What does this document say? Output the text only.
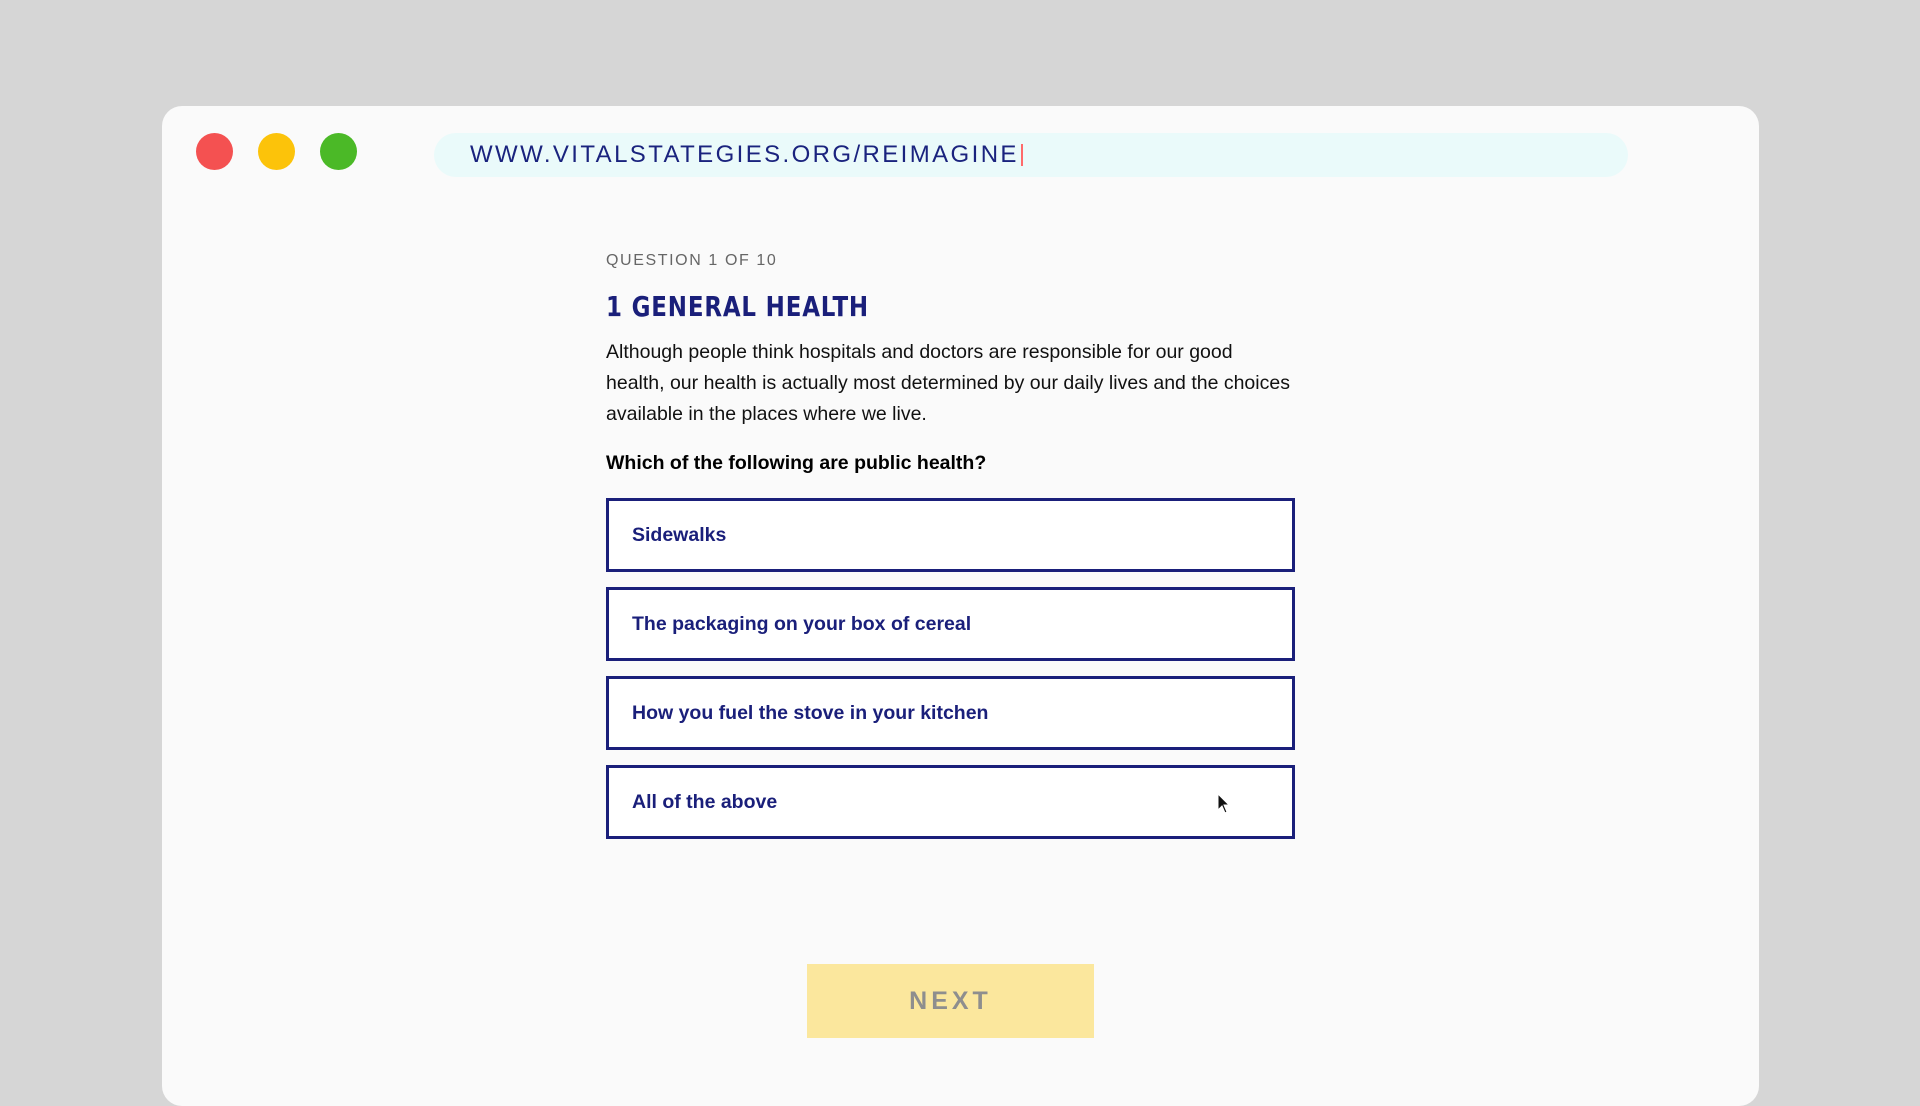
WWW.VITALSTATEGIES.ORG/REIMAGINE

QUESTION 1 OF 10

1 GENERAL HEALTH

Although people think hospitals and doctors are responsible for our good health, our health is actually most determined by our daily lives and the choices available in the places where we live.

Which of the following are public health?

Sidewalks
The packaging on your box of cereal
How you fuel the stove in your kitchen
All of the above
NEXT
